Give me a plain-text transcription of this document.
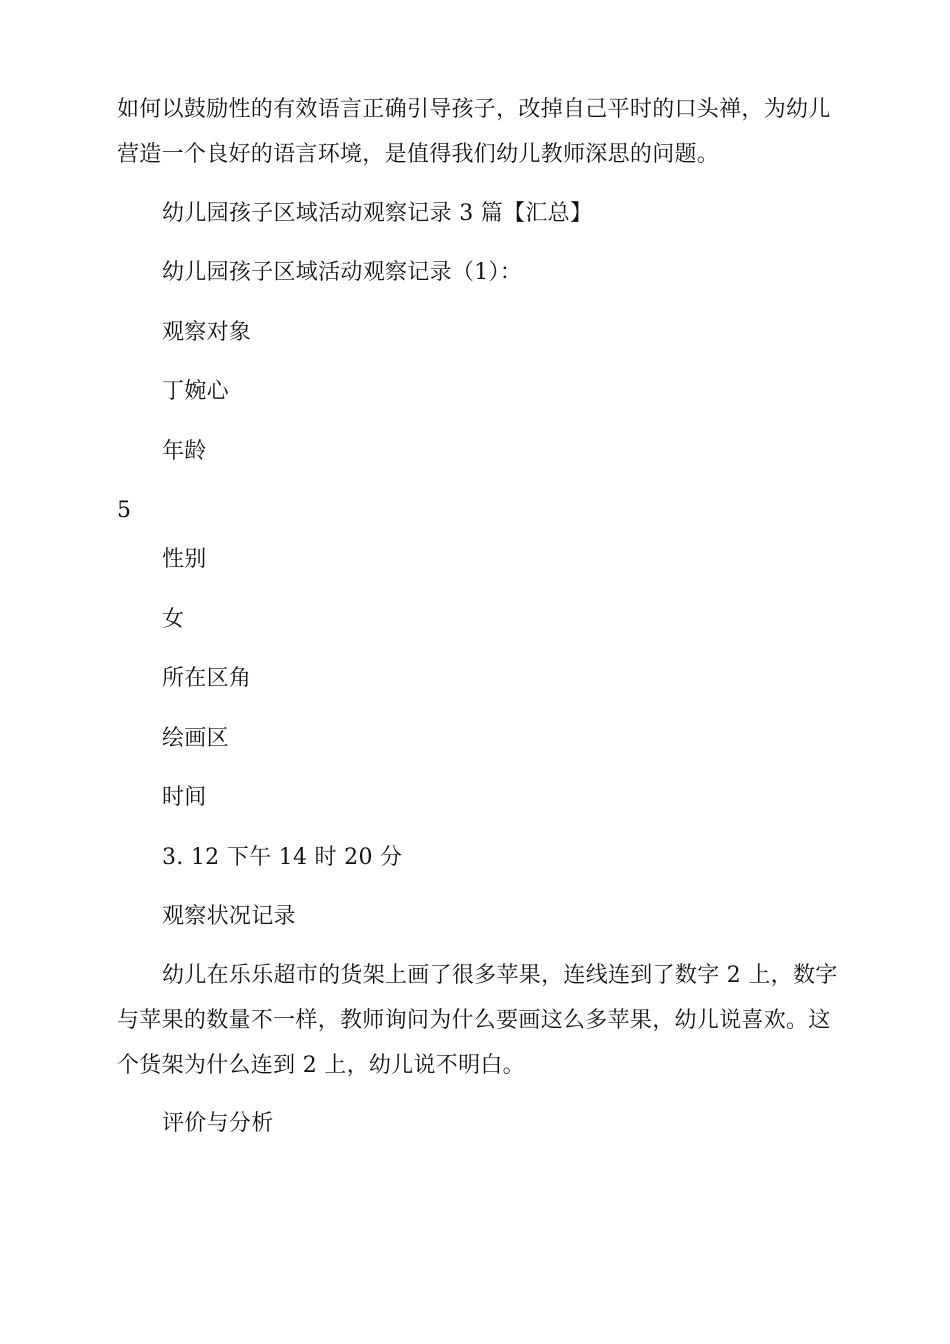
如何以鼓励性的有效语言正确引导孩子，改掉自己平时的口头禅，为幼儿
营造一个良好的语言环境，是值得我们幼儿教师深思的问题。
幼儿园孩子区域活动观察记录 3 篇【汇总】
幼儿园孩子区域活动观察记录（1）：
观察对象
丁婉心
年龄
5
性别
女
所在区角
绘画区
时间
3. 12 下午 14 时 20 分
观察状况记录
幼儿在乐乐超市的货架上画了很多苹果，连线连到了数字 2 上，数字
与苹果的数量不一样，教师询问为什么要画这么多苹果，幼儿说喜欢。这
个货架为什么连到 2 上，幼儿说不明白。
评价与分析
